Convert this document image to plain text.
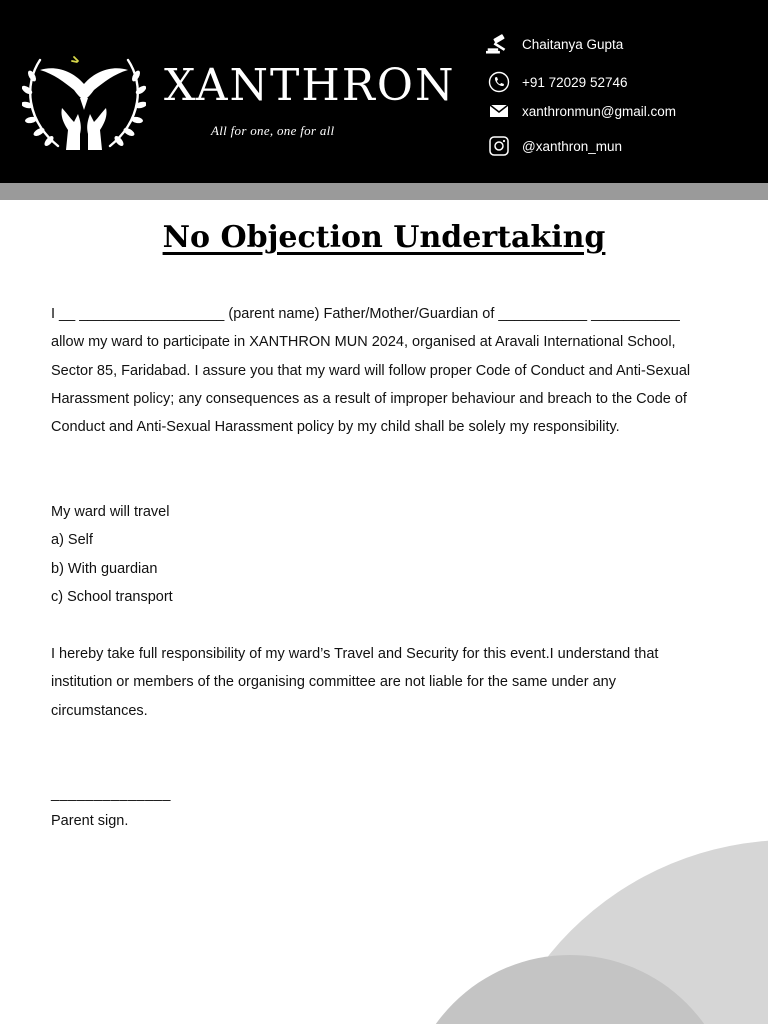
XANTHRON
All for one, one for all
Chaitanya Gupta
+91 72029 52746
xanthronmun@gmail.com
@xanthron_mun
No Objection Undertaking

I __ __________________ (parent name) Father/Mother/Guardian of ___________ ___________ allow my ward to participate in XANTHRON MUN 2024, organised at Aravali International School, Sector 85, Faridabad. I assure you that my ward will follow proper Code of Conduct and Anti-Sexual Harassment policy; any consequences as a result of improper behaviour and breach to the Code of Conduct and Anti-Sexual Harassment policy by my child shall be solely my responsibility.

My ward will travel
a) Self
b) With guardian
c) School transport

I hereby take full responsibility of my ward’s Travel and Security for this event.I understand that institution or members of the organising committee are not liable for the same under any circumstances.

______________
Parent sign.
